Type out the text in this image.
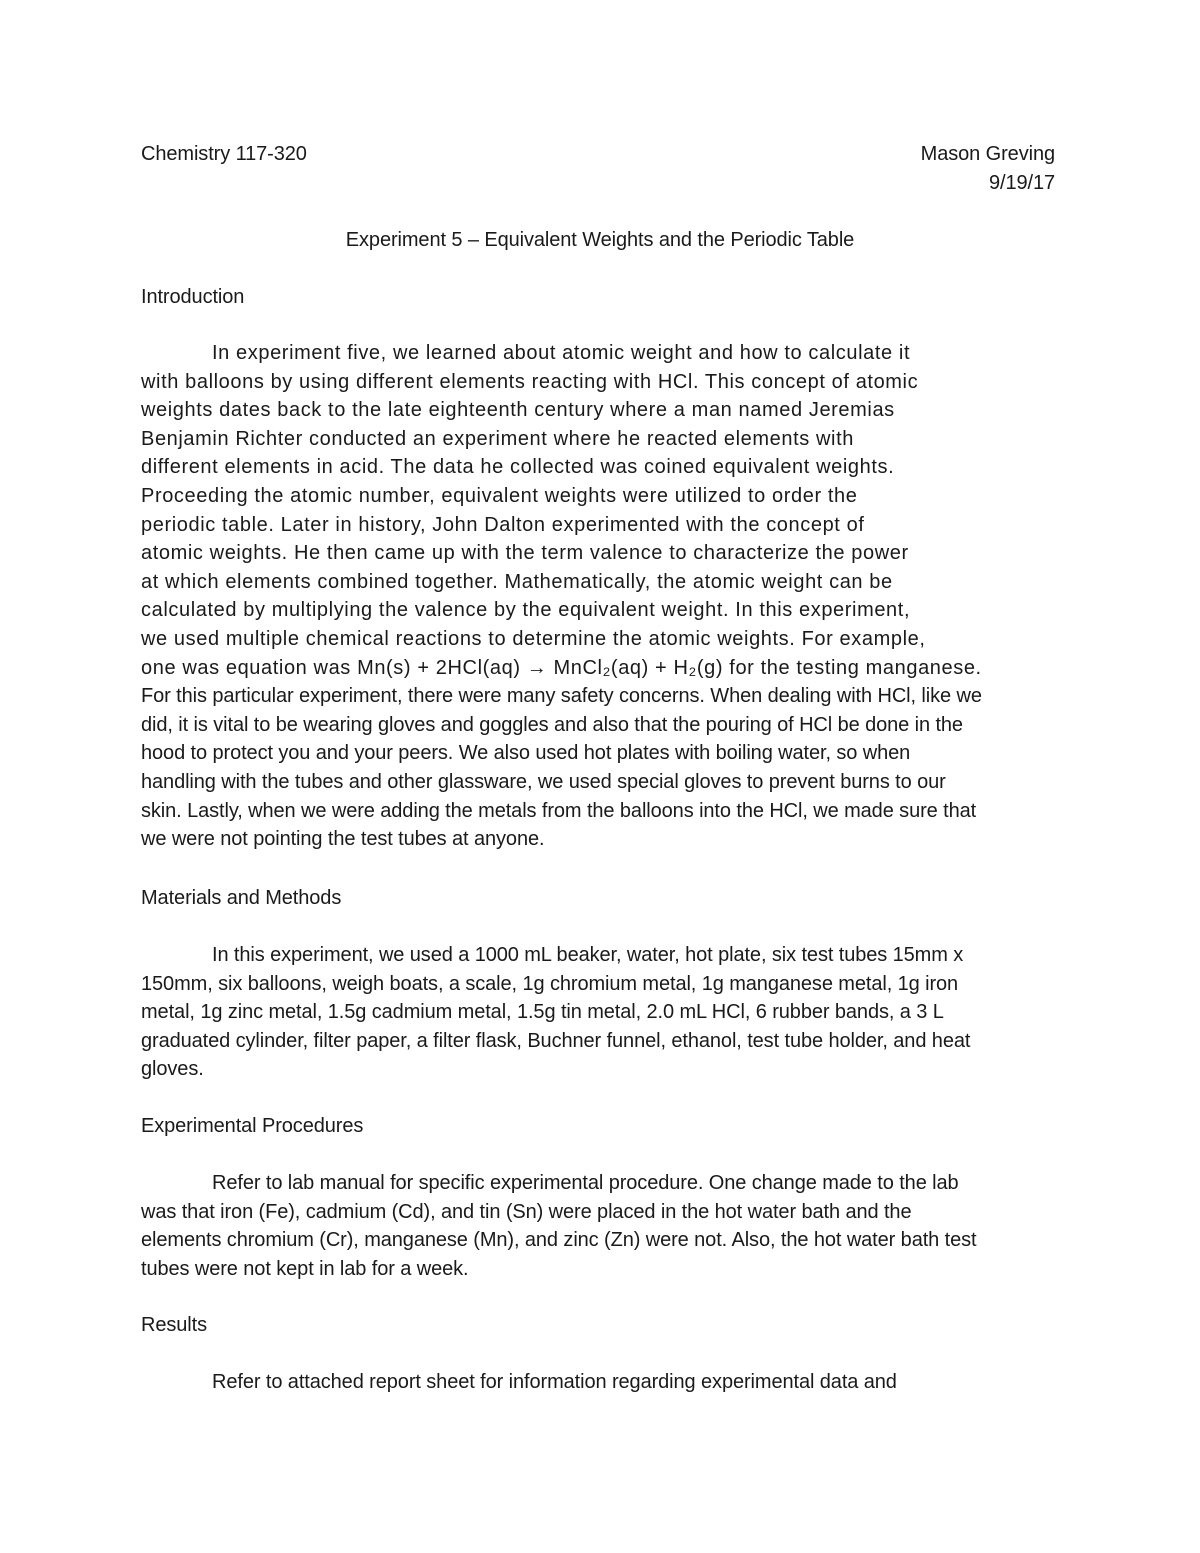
Chemistry 117-320	Mason Greving
9/19/17
Experiment 5 – Equivalent Weights and the Periodic Table
Introduction
In experiment five, we learned about atomic weight and how to calculate it
with balloons by using different elements reacting with HCl. This concept of atomic
weights dates back to the late eighteenth century where a man named Jeremias
Benjamin Richter conducted an experiment where he reacted elements with
different elements in acid. The data he collected was coined equivalent weights.
Proceeding the atomic number, equivalent weights were utilized to order the
periodic table. Later in history, John Dalton experimented with the concept of
atomic weights. He then came up with the term valence to characterize the power
at which elements combined together. Mathematically, the atomic weight can be
calculated by multiplying the valence by the equivalent weight. In this experiment,
we used multiple chemical reactions to determine the atomic weights. For example,
one was equation was Mn(s) + 2HCl(aq) → MnCl₂(aq) + H₂(g) for the testing manganese.
For this particular experiment, there were many safety concerns. When dealing with HCl, like we
did, it is vital to be wearing gloves and goggles and also that the pouring of HCl be done in the
hood to protect you and your peers. We also used hot plates with boiling water, so when
handling with the tubes and other glassware, we used special gloves to prevent burns to our
skin. Lastly, when we were adding the metals from the balloons into the HCl, we made sure that
we were not pointing the test tubes at anyone.
Materials and Methods
In this experiment, we used a 1000 mL beaker, water, hot plate, six test tubes 15mm x
150mm, six balloons, weigh boats, a scale, 1g chromium metal, 1g manganese metal, 1g iron
metal, 1g zinc metal, 1.5g cadmium metal, 1.5g tin metal, 2.0 mL HCl, 6 rubber bands, a 3 L
graduated cylinder, filter paper, a filter flask, Buchner funnel, ethanol, test tube holder, and heat
gloves.
Experimental Procedures
Refer to lab manual for specific experimental procedure. One change made to the lab
was that iron (Fe), cadmium (Cd), and tin (Sn) were placed in the hot water bath and the
elements chromium (Cr), manganese (Mn), and zinc (Zn) were not. Also, the hot water bath test
tubes were not kept in lab for a week.
Results
Refer to attached report sheet for information regarding experimental data and
